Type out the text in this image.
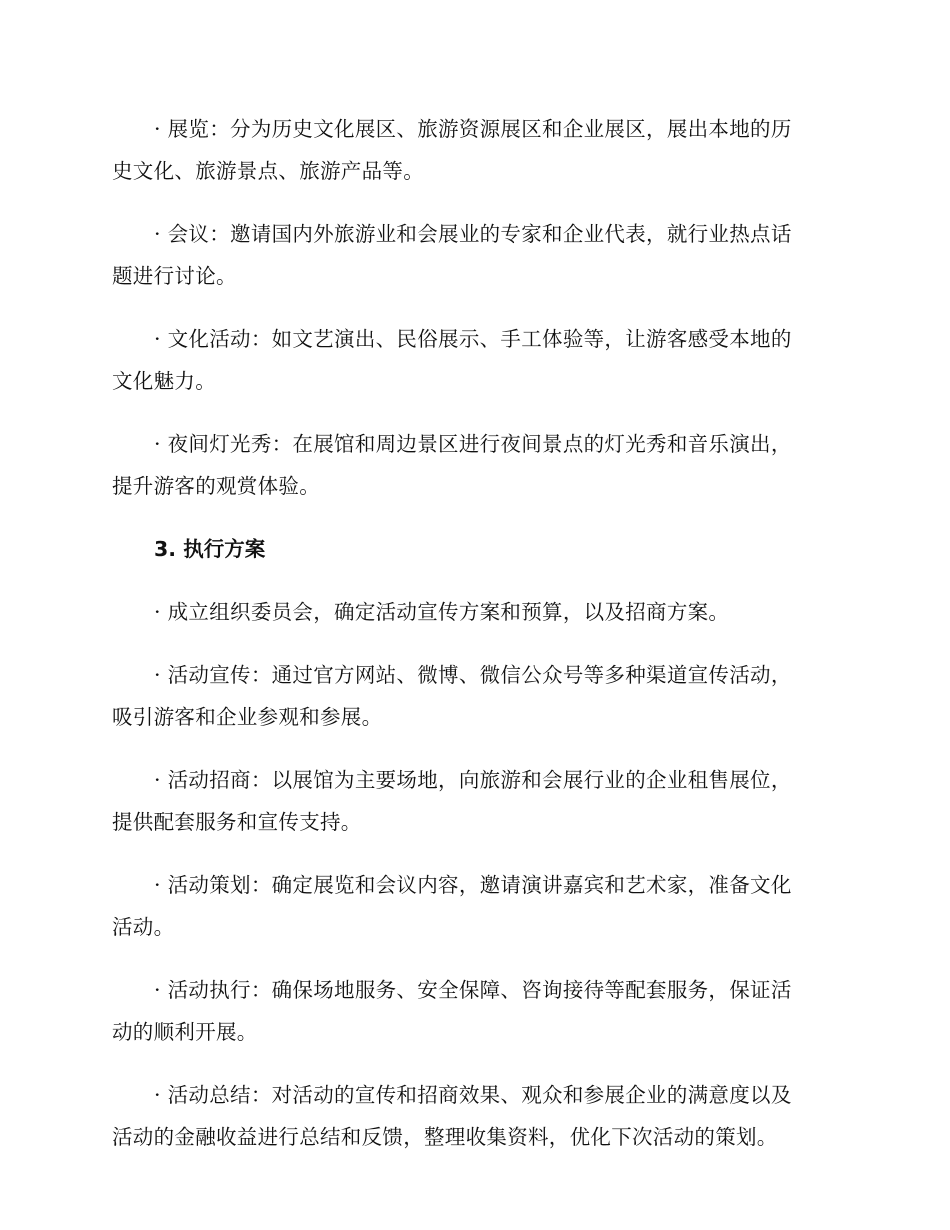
· 展览：分为历史文化展区、旅游资源展区和企业展区，展出本地的历
史文化、旅游景点、旅游产品等。

· 会议：邀请国内外旅游业和会展业的专家和企业代表，就行业热点话
题进行讨论。

· 文化活动：如文艺演出、民俗展示、手工体验等，让游客感受本地的
文化魅力。

· 夜间灯光秀：在展馆和周边景区进行夜间景点的灯光秀和音乐演出，
提升游客的观赏体验。

3. 执行方案

· 成立组织委员会，确定活动宣传方案和预算，以及招商方案。

· 活动宣传：通过官方网站、微博、微信公众号等多种渠道宣传活动，
吸引游客和企业参观和参展。

· 活动招商：以展馆为主要场地，向旅游和会展行业的企业租售展位，
提供配套服务和宣传支持。

· 活动策划：确定展览和会议内容，邀请演讲嘉宾和艺术家，准备文化
活动。

· 活动执行：确保场地服务、安全保障、咨询接待等配套服务，保证活
动的顺利开展。

· 活动总结：对活动的宣传和招商效果、观众和参展企业的满意度以及
活动的金融收益进行总结和反馈，整理收集资料，优化下次活动的策划。
